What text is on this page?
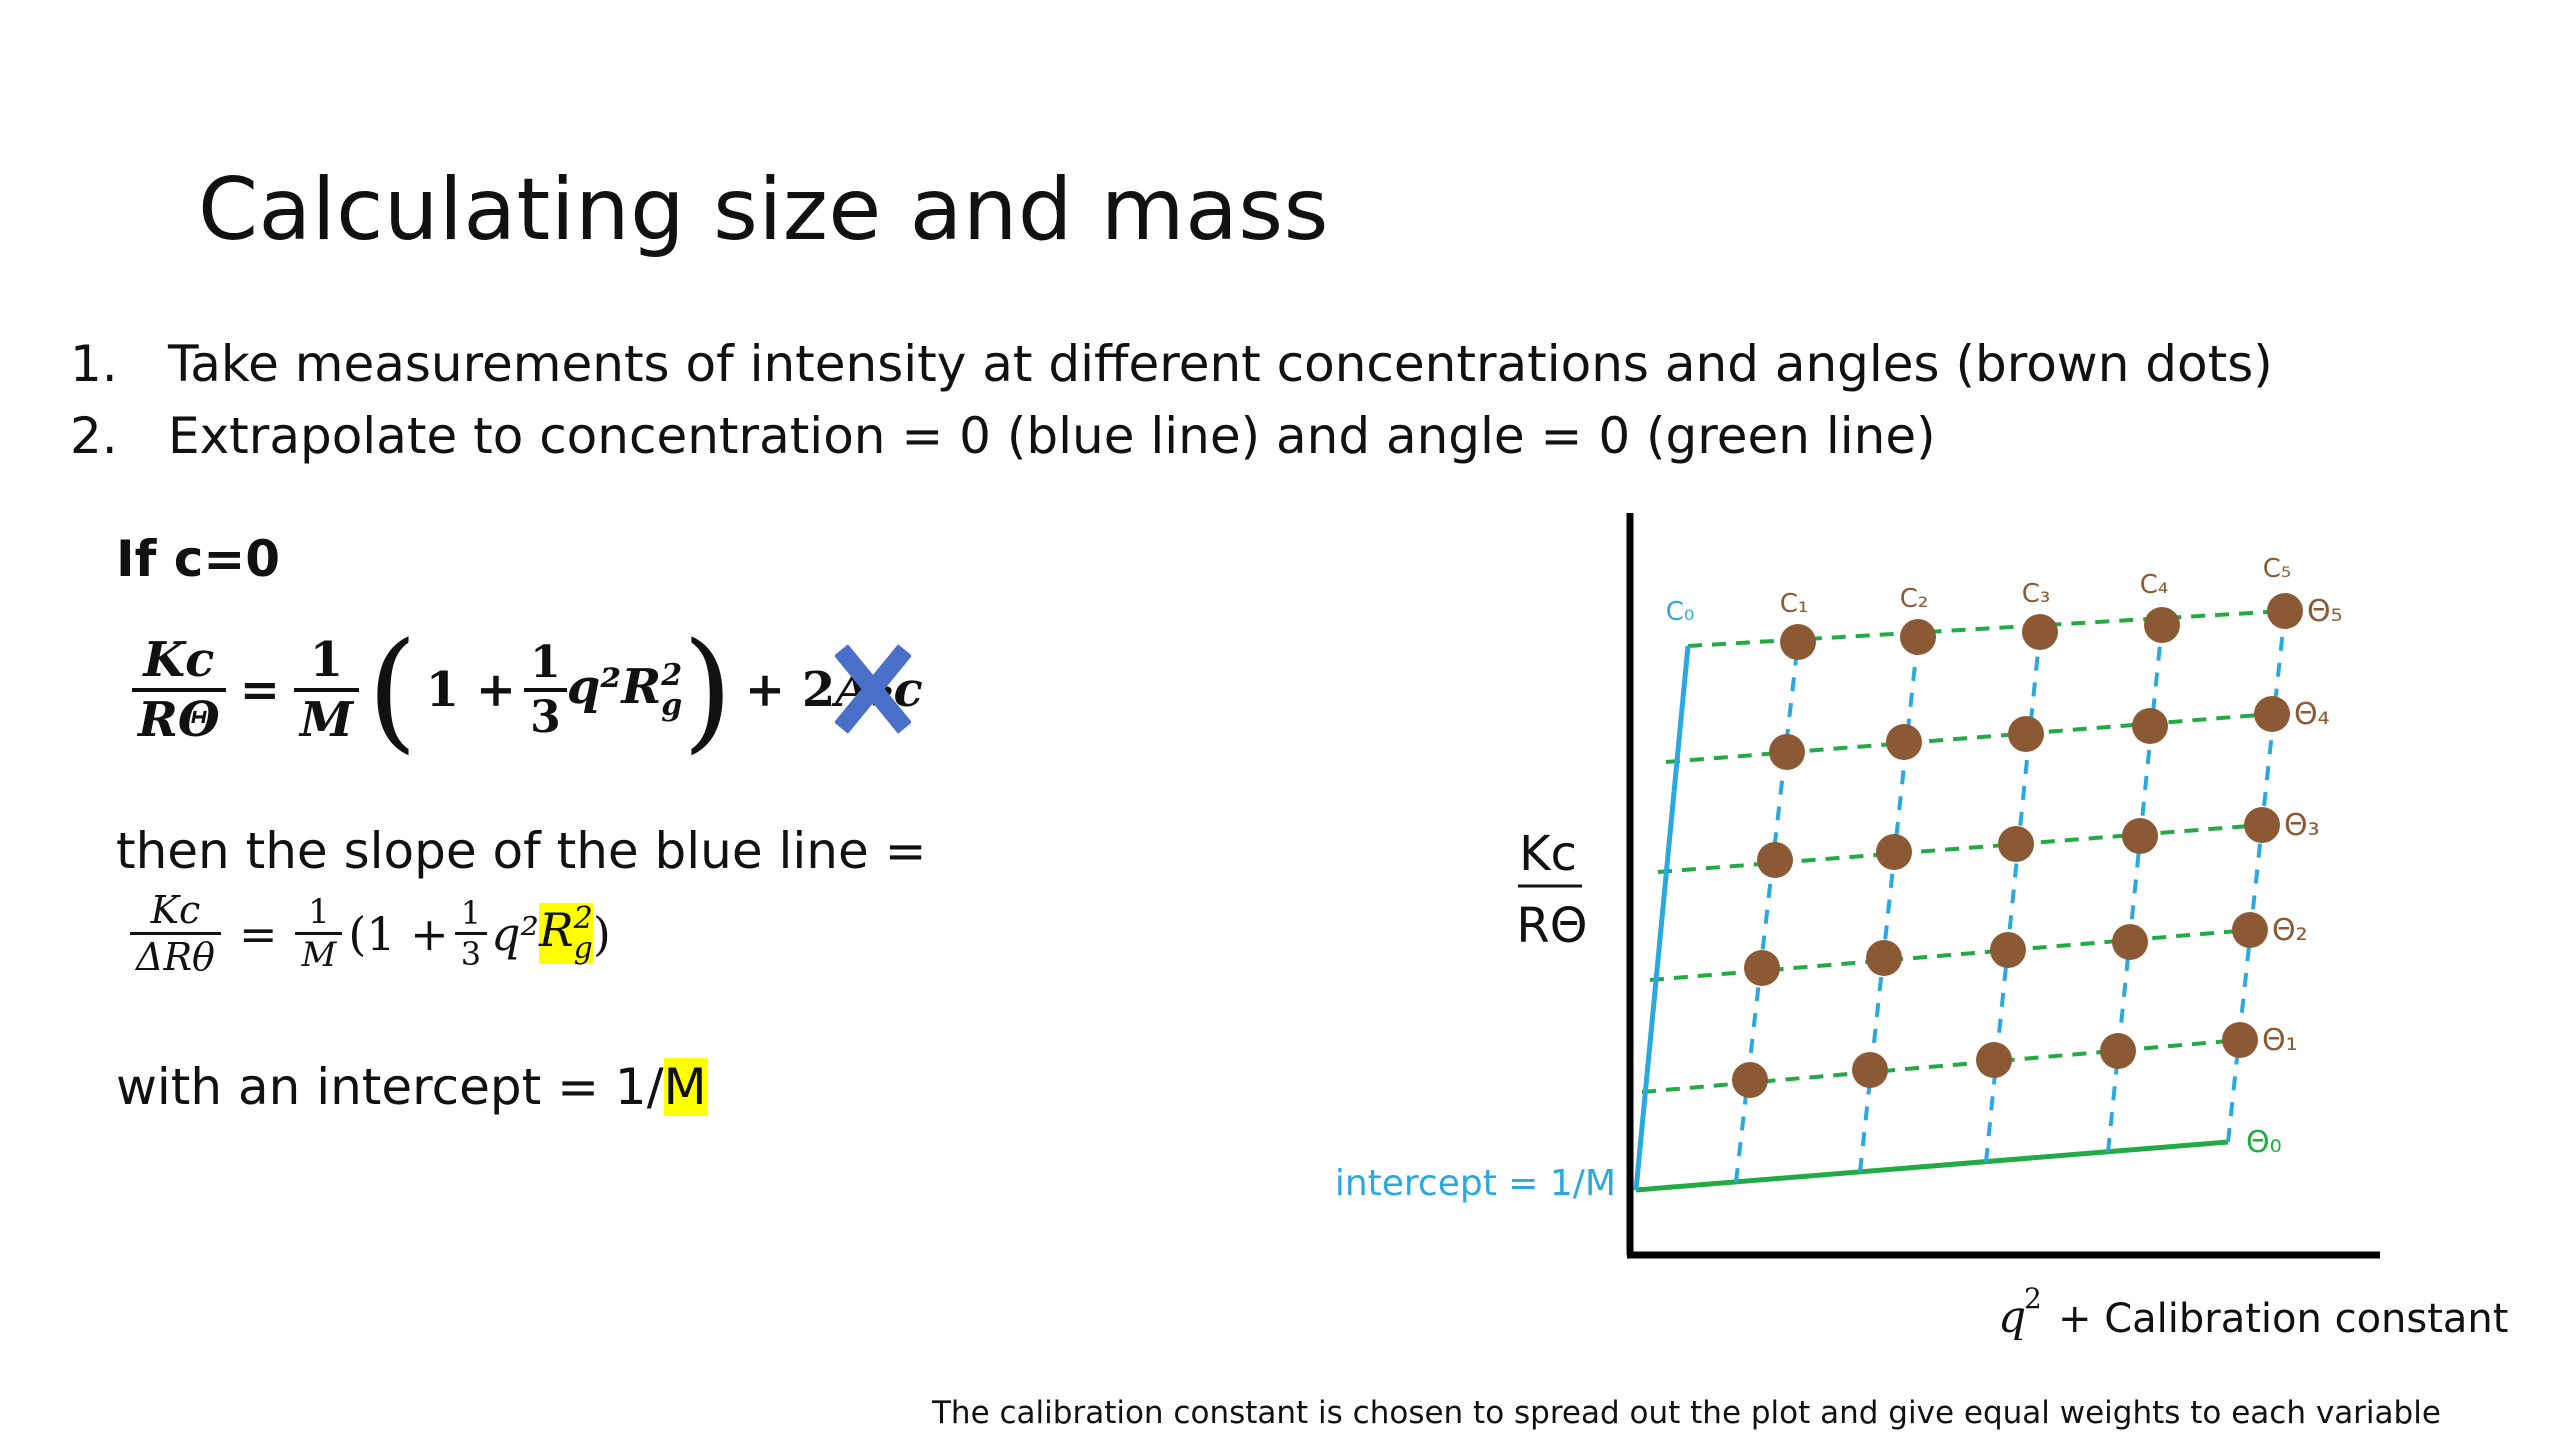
Calculating size and mass
1.	Take measurements of intensity at different concentrations and angles (brown dots)
2.	Extrapolate to concentration = 0 (blue line) and angle = 0 (green line)
If c=0
$\frac{Kc}{R\Theta} = \frac{1}{M}$ ( $1 + \frac{1}{3} q^2R$ 2
g ) + 2 A₂c
then the slope of the blue line =
$\frac{Kc}{\text{ΔRθ}} = \frac{1}{M} (1 + \frac{1}{3} q^2$ R 2
g )
with an intercept = 1/M
C₀	C₁	C₂	C₃	C₄
C₅
Θ₀
Θ₁
Θ₂
Θ₃
Θ₄
Θ₅
Kc
RΘ
intercept = 1/M
q
2 + Calibration constant
The calibration constant is chosen to spread out the plot and give equal weights to each variable
